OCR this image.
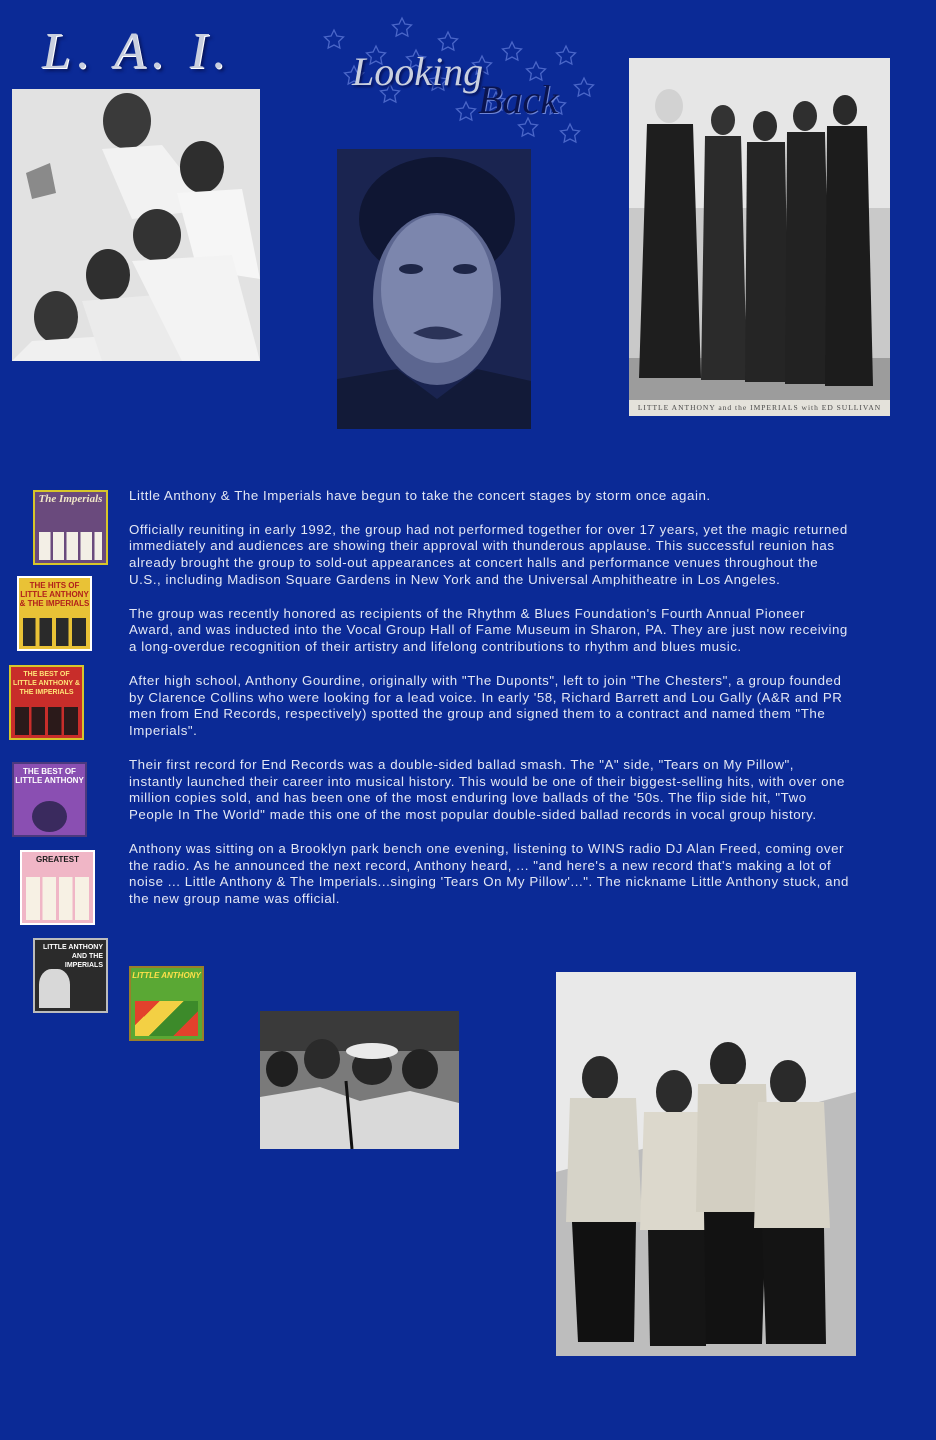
L. A. I.	Looking
Back
LITTLE ANTHONY and the IMPERIALS with ED SULLIVAN
The Imperials
THE HITS OF LITTLE ANTHONY & THE IMPERIALS
THE BEST OF LITTLE ANTHONY & THE IMPERIALS
THE BEST OF LITTLE ANTHONY
GREATEST
LITTLE ANTHONY AND THE IMPERIALS
LITTLE ANTHONY

Little Anthony & The Imperials have begun to take the concert stages by storm once again.

Officially reuniting in early 1992, the group had not performed together for over 17 years, yet the magic returned immediately and audiences are showing their approval with thunderous applause. This successful reunion has already brought the group to sold-out appearances at concert halls and performance venues throughout the U.S., including Madison Square Gardens in New York and the Universal Amphitheatre in Los Angeles.

The group was recently honored as recipients of the Rhythm & Blues Foundation's Fourth Annual Pioneer Award, and was inducted into the Vocal Group Hall of Fame Museum in Sharon, PA. They are just now receiving a long-overdue recognition of their artistry and lifelong contributions to rhythm and blues music.

After high school, Anthony Gourdine, originally with "The Duponts", left to join "The Chesters", a group founded by Clarence Collins who were looking for a lead voice. In early '58, Richard Barrett and Lou Gally (A&R and PR men from End Records, respectively) spotted the group and signed them to a contract and named them "The Imperials".

Their first record for End Records was a double-sided ballad smash. The "A" side, "Tears on My Pillow", instantly launched their career into musical history. This would be one of their biggest-selling hits, with over one million copies sold, and has been one of the most enduring love ballads of the '50s. The flip side hit, "Two People In The World" made this one of the most popular double-sided ballad records in vocal group history.

Anthony was sitting on a Brooklyn park bench one evening, listening to WINS radio DJ Alan Freed, coming over the radio. As he announced the next record, Anthony heard, ... "and here's a new record that's making a lot of noise ... Little Anthony & The Imperials...singing 'Tears On My Pillow'...". The nickname Little Anthony stuck, and the new group name was official.
